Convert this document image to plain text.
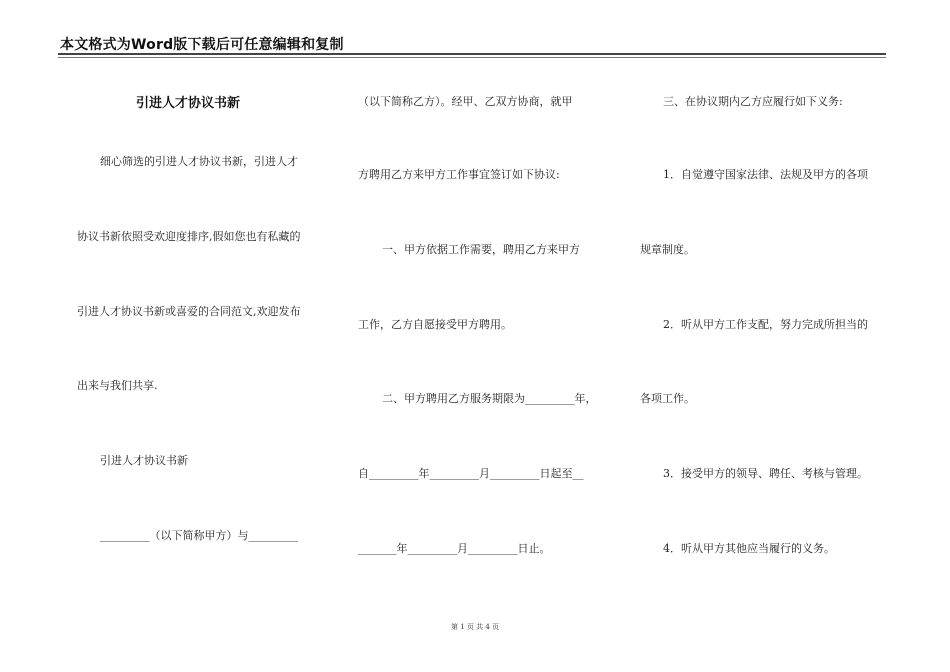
本文格式为Word版下载后可任意编辑和复制
引进人才协议书新
细心筛选的引进人才协议书新，引进人才
协议书新依照受欢迎度排序,假如您也有私藏的
引进人才协议书新或喜爱的合同范文,欢迎发布
出来与我们共享.
引进人才协议书新
_________（以下简称甲方）与_________
（以下简称乙方）。经甲、乙双方协商，就甲
方聘用乙方来甲方工作事宜签订如下协议:
一、甲方依据工作需要，聘用乙方来甲方
工作，乙方自愿接受甲方聘用。
二、甲方聘用乙方服务期限为_________年，
自_________年_________月_________日起至__
_______年_________月_________日止。
三、在协议期内乙方应履行如下义务:
1．自觉遵守国家法律、法规及甲方的各项
规章制度。
2．听从甲方工作支配，努力完成所担当的
各项工作。
3．接受甲方的领导、聘任、考核与管理。
4．听从甲方其他应当履行的义务。
第 1 页 共 4 页
